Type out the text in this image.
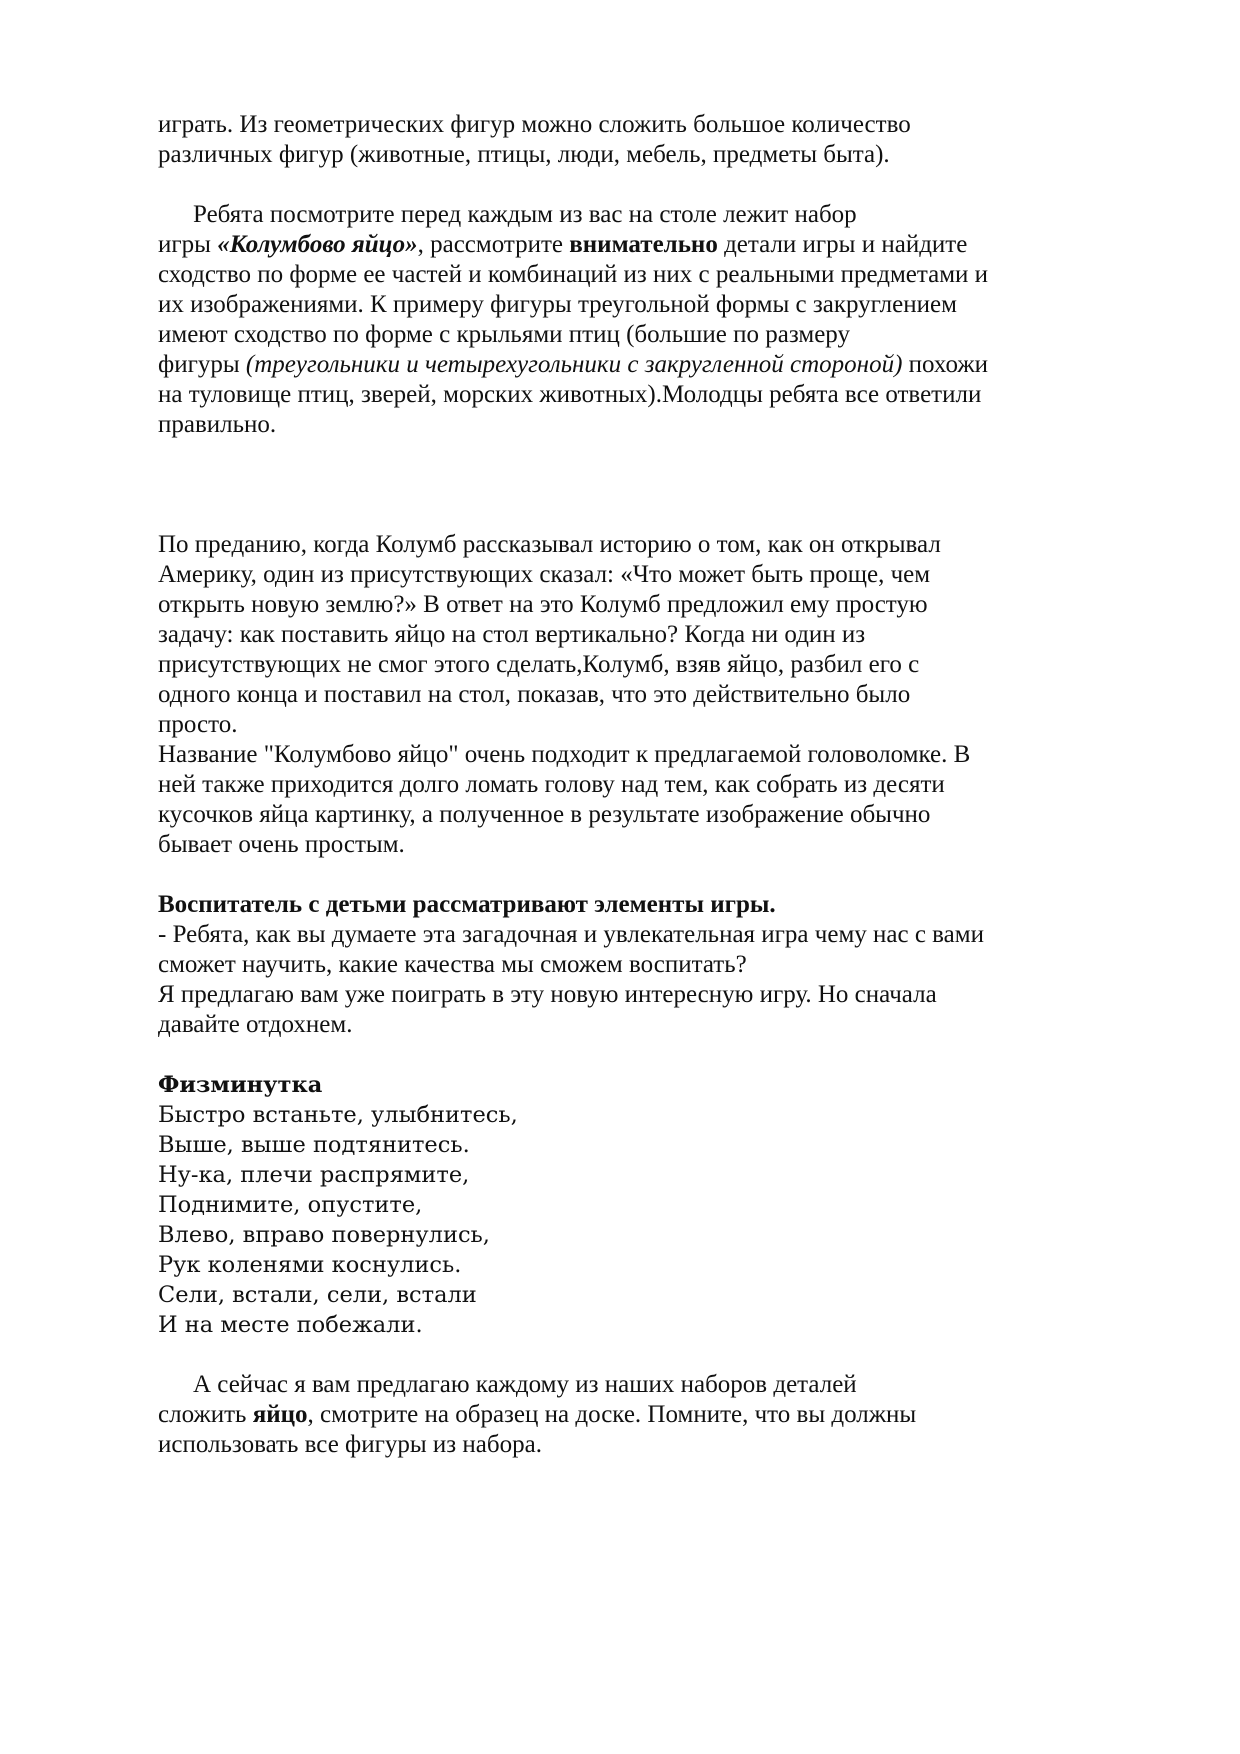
играть. Из геометрических фигур можно сложить большое количество
различных фигур (животные, птицы, люди, мебель, предметы быта).
Ребята посмотрите перед каждым из вас на столе лежит набор
игры «Колумбово яйцо», рассмотрите внимательно детали игры и найдите
сходство по форме ее частей и комбинаций из них с реальными предметами и
их изображениями. К примеру фигуры треугольной формы с закруглением
имеют сходство по форме с крыльями птиц (большие по размеру
фигуры (треугольники и четырехугольники с закругленной стороной) похожи
на туловище птиц, зверей, морских животных).Молодцы ребята все ответили
правильно.
По преданию, когда Колумб рассказывал историю о том, как он открывал
Америку, один из присутствующих сказал: «Что может быть проще, чем
открыть новую землю?» В ответ на это Колумб предложил ему простую
задачу: как поставить яйцо на стол вертикально? Когда ни один из
присутствующих не смог этого сделать,Колумб, взяв яйцо, разбил его с
одного конца и поставил на стол, показав, что это действительно было
просто.
Название "Колумбово яйцо" очень подходит к предлагаемой головоломке. В
ней также приходится долго ломать голову над тем, как собрать из десяти
кусочков яйца картинку, а полученное в результате изображение обычно
бывает очень простым.
Воспитатель с детьми рассматривают элементы игры.
- Ребята, как вы думаете эта загадочная и увлекательная игра чему нас с вами
сможет научить, какие качества мы сможем воспитать?
Я предлагаю вам уже поиграть в эту новую интересную игру. Но сначала
давайте отдохнем.
Физминутка
Быстро встаньте, улыбнитесь,
Выше, выше подтянитесь.
Ну-ка, плечи распрямите,
Поднимите, опустите,
Влево, вправо повернулись,
Рук коленями коснулись.
Сели, встали, сели, встали
И на месте побежали.
А сейчас я вам предлагаю каждому из наших наборов деталей
сложить яйцо, смотрите на образец на доске. Помните, что вы должны
использовать все фигуры из набора.
